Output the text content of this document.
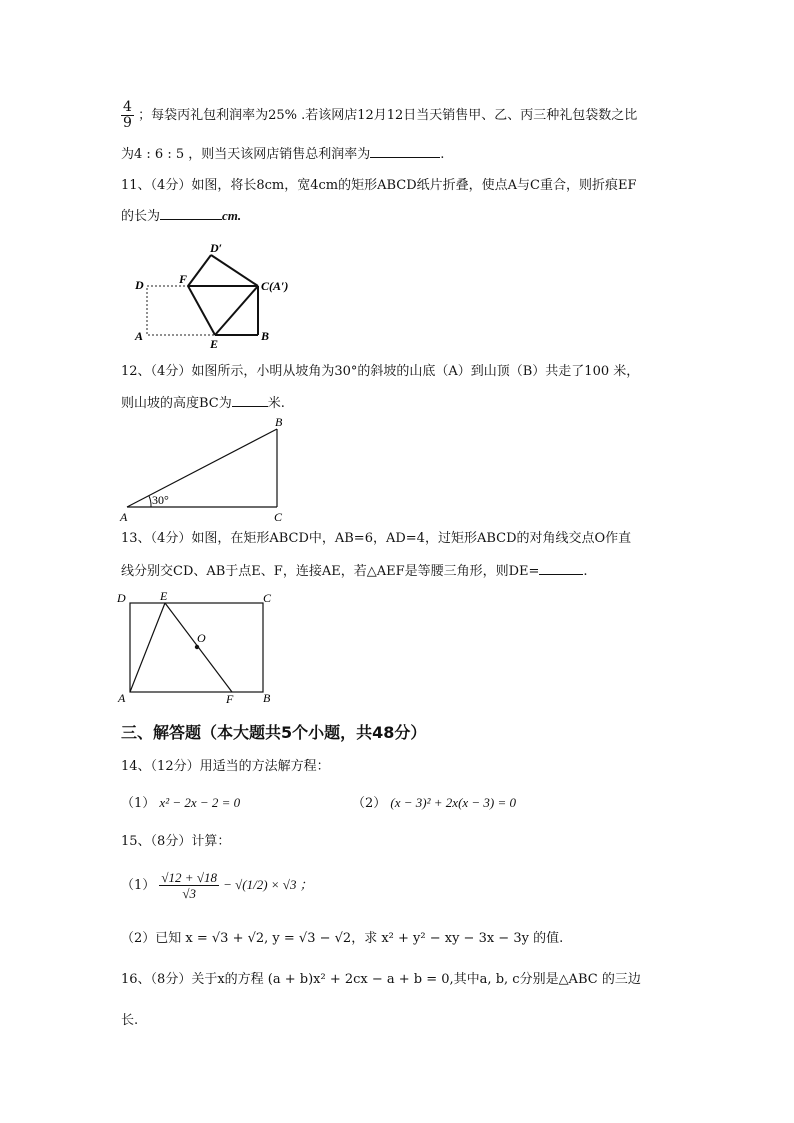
$\frac{4}{9}$ ；每袋丙礼包利润率为25% .若该网店12月12日当天销售甲、乙、丙三种礼包袋数之比
为4 : 6 : 5 ，则当天该网店销售总利润率为	.
11、（4分）如图，将长8cm，宽4cm的矩形ABCD纸片折叠，使点A与C重合，则折痕EF
的长为	cm.
D′
D	F	C(A′)
A
E
B
12、（4分）如图所示，小明从坡角为30°的斜坡的山底（A）到山顶（B）共走了100 米，
则山坡的高度BC为	米.
30°
B
A	C
13、（4分）如图，在矩形ABCD中，AB=6，AD=4，过矩形ABCD的对角线交点O作直
线分别交CD、AB于点E、F，连接AE，若△AEF是等腰三角形，则DE=	.
D	E	C
O
A	F B
三、解答题（本大题共5个小题，共48分）
14、（12分）用适当的方法解方程：
（1） x² − 2x − 2 = 0	（2） (x − 3)² + 2x(x − 3) = 0
15、（8分）计算：
$(1) \frac{√12 + √18}{√3} - √(1/2) \times √3$ ；
（2）已知 x = √3 + √2, y = √3 − √2，求 x² + y² − xy − 3x − 3y 的值.
16、（8分）关于x的方程 (a + b)x² + 2cx − a + b = 0,其中a, b, c分别是△ABC 的三边
长.
